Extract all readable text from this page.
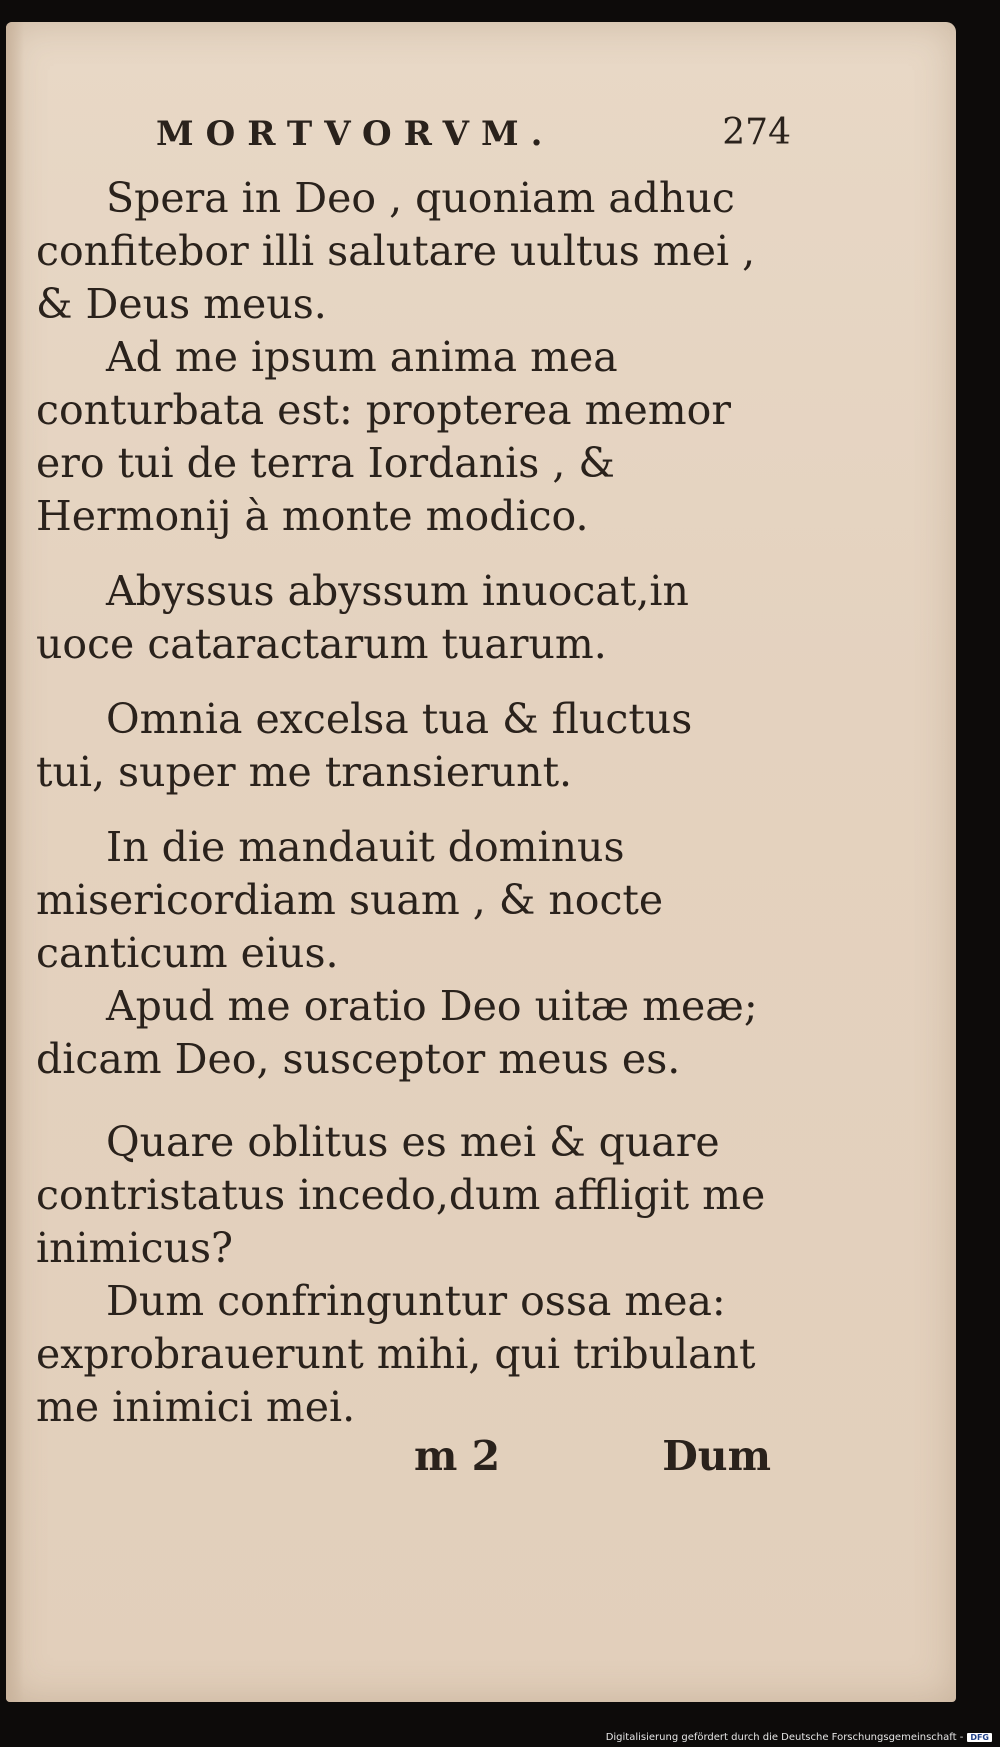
MORTVORVM.	274

Spera in Deo , quoniam adhuc confitebor illi salutare uultus mei , & Deus meus.

Ad me ipsum anima mea conturbata est: propterea memor ero tui de terra Iordanis , & Hermonij à monte modico.

Abyssus abyssum inuocat,in uoce cataractarum tuarum.

Omnia excelsa tua & fluctus tui, super me transierunt.

In die mandauit dominus misericordiam suam , & nocte canticum eius.

Apud me oratio Deo uitæ meæ; dicam Deo, susceptor meus es.

Quare oblitus es mei & quare contristatus incedo,dum affligit me inimicus?

Dum confringuntur ossa mea: exprobrauerunt mihi, qui tribulant me inimici mei.

m 2	Dum
Digitalisierung gefördert durch die Deutsche Forschungsgemeinschaft - DFG
